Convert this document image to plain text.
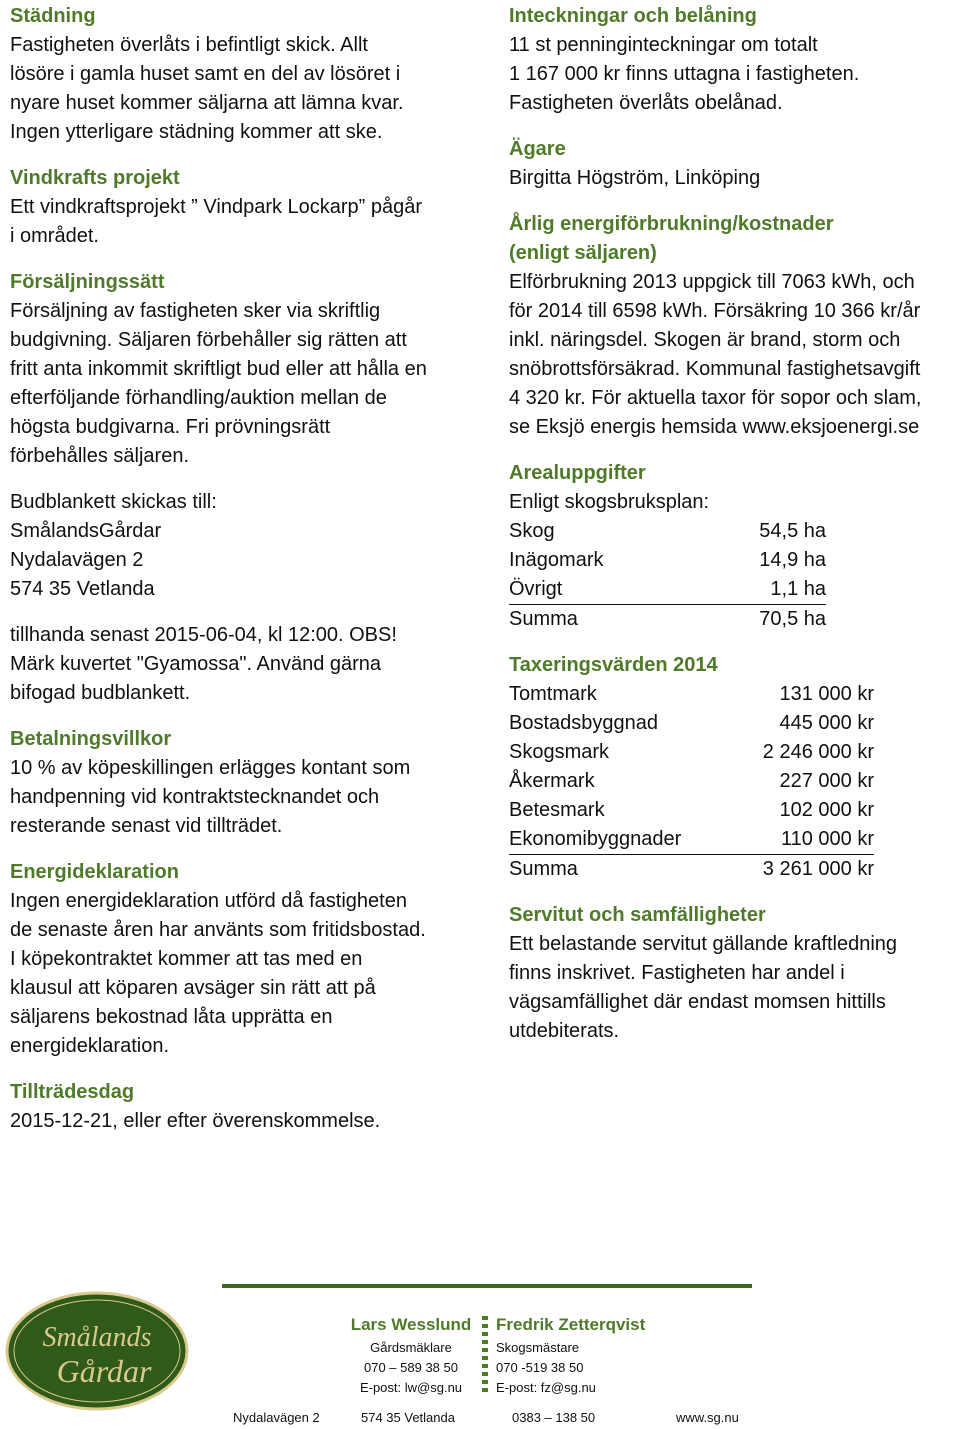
Städning

Fastigheten överlåts i befintligt skick. Allt

lösöre i gamla huset samt en del av lösöret i

nyare huset kommer säljarna att lämna kvar.

Ingen ytterligare städning kommer att ske.

Vindkrafts projekt

Ett vindkraftsprojekt ” Vindpark Lockarp” pågår

i området.

Försäljningssätt

Försäljning av fastigheten sker via skriftlig

budgivning. Säljaren förbehåller sig rätten att

fritt anta inkommit skriftligt bud eller att hålla en

efterföljande förhandling/auktion mellan de

högsta budgivarna. Fri prövningsrätt

förbehålles säljaren.

Budblankett skickas till:

SmålandsGårdar

Nydalavägen 2

574 35 Vetlanda

tillhanda senast 2015-06-04, kl 12:00. OBS!

Märk kuvertet "Gyamossa". Använd gärna

bifogad budblankett.

Betalningsvillkor

10 % av köpeskillingen erlägges kontant som

handpenning vid kontraktstecknandet och

resterande senast vid tillträdet.

Energideklaration

Ingen energideklaration utförd då fastigheten

de senaste åren har använts som fritidsbostad.

I köpekontraktet kommer att tas med en

klausul att köparen avsäger sin rätt att på

säljarens bekostnad låta upprätta en

energideklaration.

Tillträdesdag

2015-12-21, eller efter överenskommelse.

Inteckningar och belåning

11 st penninginteckningar om totalt

1 167 000 kr finns uttagna i fastigheten.

Fastigheten överlåts obelånad.

Ägare

Birgitta Högström, Linköping

Årlig energiförbrukning/kostnader
(enligt säljaren)

Elförbrukning 2013 uppgick till 7063 kWh, och

för 2014 till 6598 kWh. Försäkring 10 366 kr/år

inkl. näringsdel. Skogen är brand, storm och

snöbrottsförsäkrad. Kommunal fastighetsavgift

4 320 kr. För aktuella taxor för sopor och slam,

se Eksjö energis hemsida www.eksjoenergi.se

Arealuppgifter

Enligt skogsbruksplan:

Skog	54,5 ha
Inägomark	14,9 ha
Övrigt	1,1 ha
Summa	70,5 ha
Taxeringsvärden 2014
Tomtmark	131 000 kr
Bostadsbyggnad	445 000 kr
Skogsmark	2 246 000 kr
Åkermark	227 000 kr
Betesmark	102 000 kr
Ekonomibyggnader	110 000 kr
Summa	3 261 000 kr
Servitut och samfälligheter

Ett belastande servitut gällande kraftledning

finns inskrivet. Fastigheten har andel i

vägsamfällighet där endast momsen hittills

utdebiterats.

Smålands
Gårdar
Lars Wesslund
Gårdsmäklare
070 – 589 38 50
E-post: lw@sg.nu
Fredrik Zetterqvist
Skogsmästare
070 -519 38 50
E-post: fz@sg.nu
Nydalavägen 2	574 35 Vetlanda	0383 – 138 50	www.sg.nu
